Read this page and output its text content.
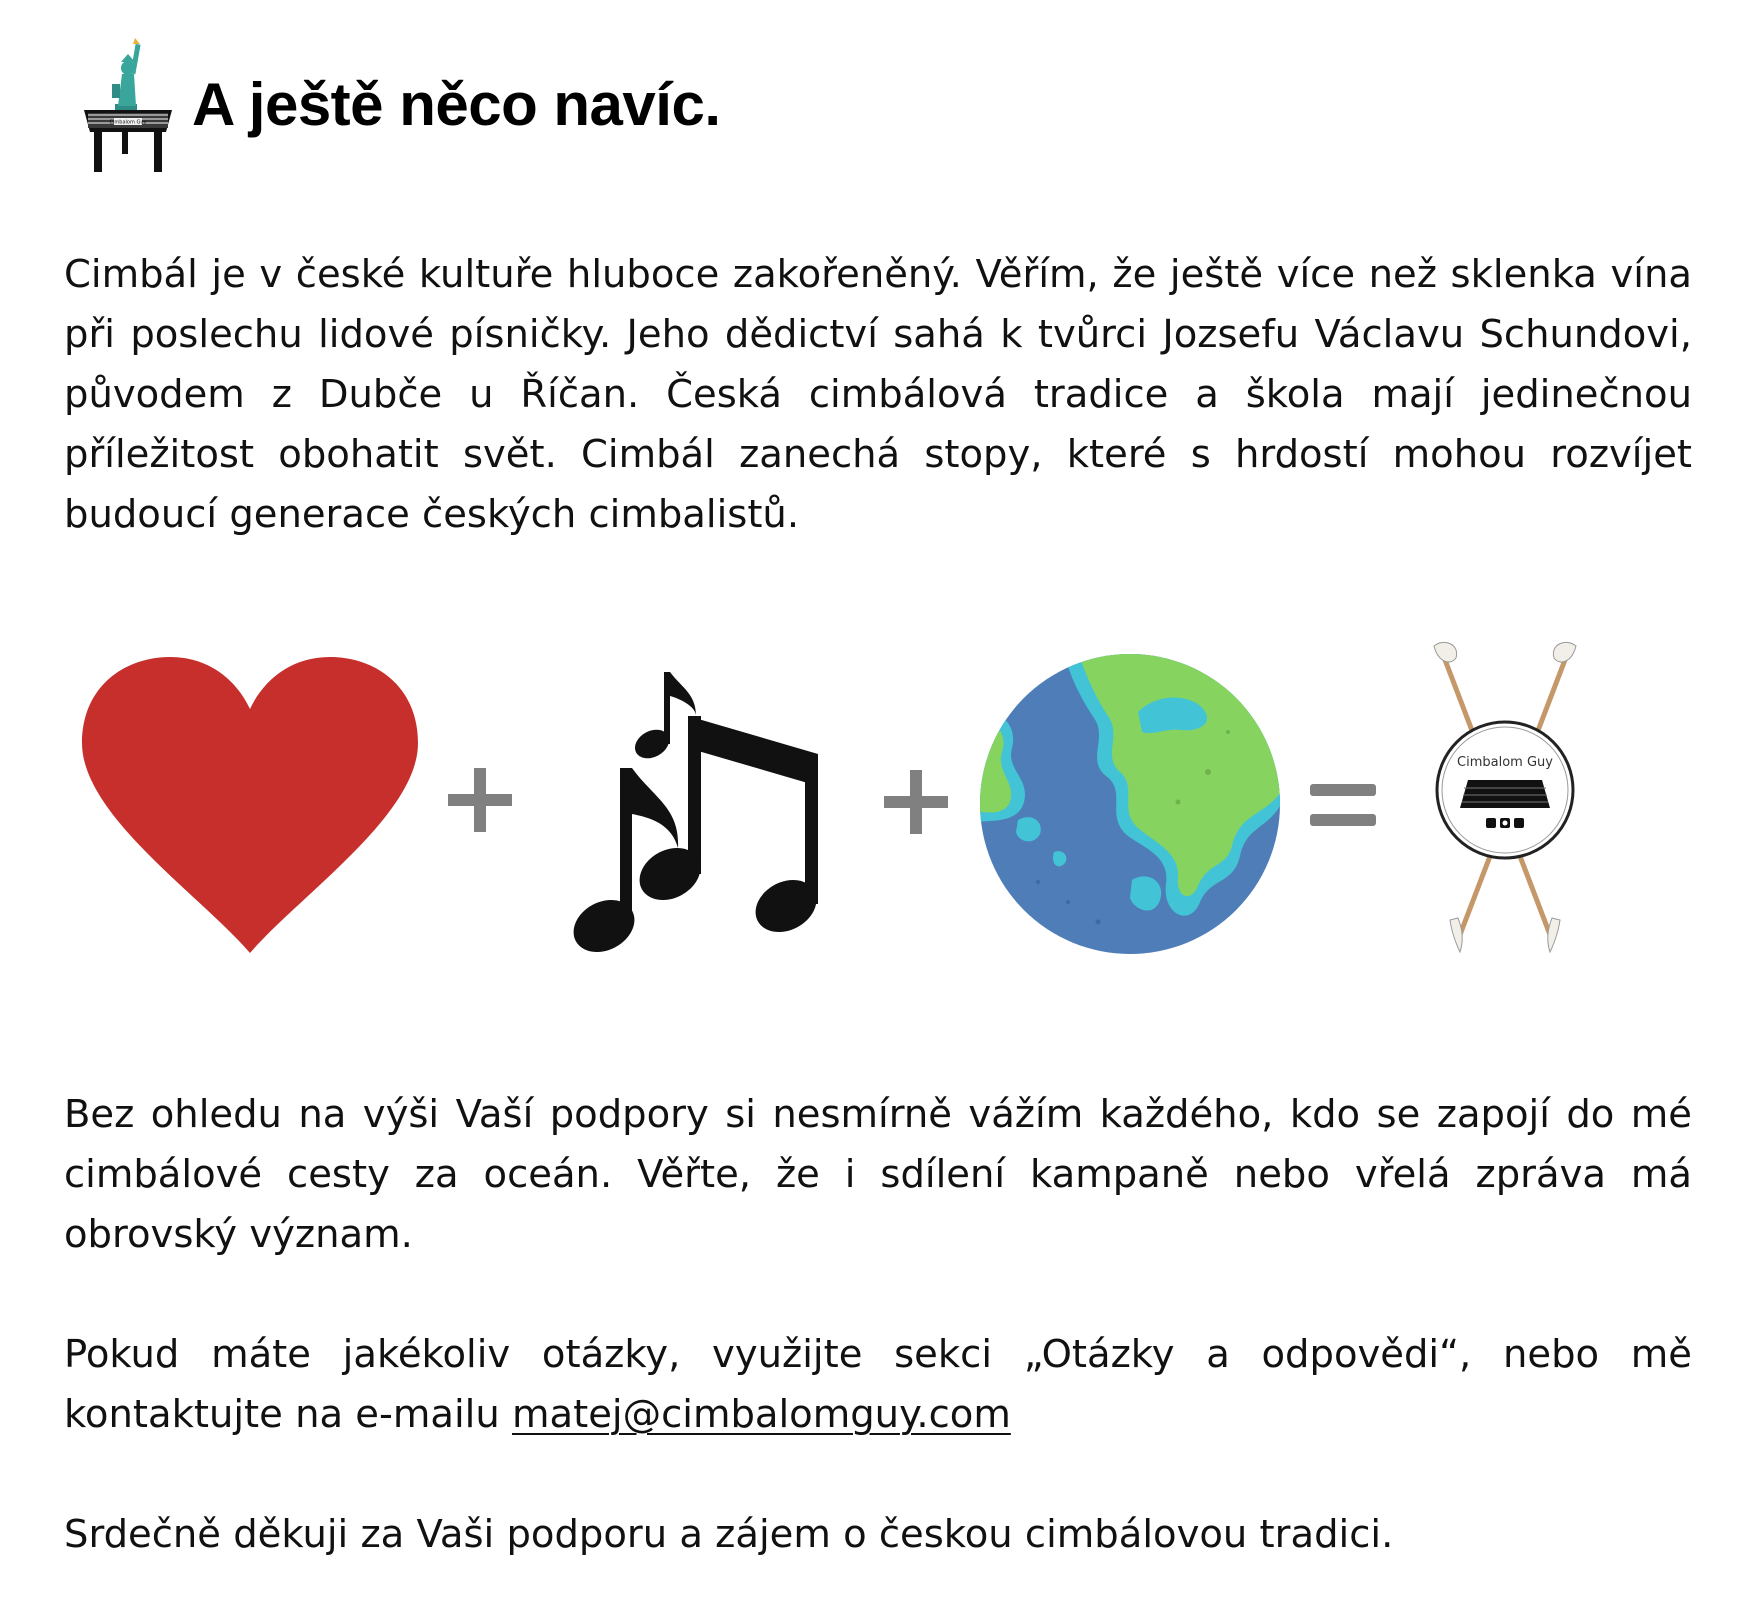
Cimbalom Guy A ještě něco navíc.

Cimbál je v české kultuře hluboce zakořeněný. Věřím, že ještě více než sklenka vína při poslechu lidové písničky. Jeho dědictví sahá k tvůrci Jozsefu Václavu Schundovi, původem z Dubče u Říčan. Česká cimbálová tradice a škola mají jedinečnou příležitost obohatit svět. Cimbál zanechá stopy, které s hrdostí mohou rozvíjet budoucí generace českých cimbalistů.

Cimbalom Guy

Bez ohledu na výši Vaší podpory si nesmírně vážím každého, kdo se zapojí do mé cimbálové cesty za oceán. Věřte, že i sdílení kampaně nebo vřelá zpráva má obrovský význam.

Pokud máte jakékoliv otázky, využijte sekci „Otázky a odpovědi“, nebo mě kontaktujte na e-mailu matej@cimbalomguy.com

Srdečně děkuji za Vaši podporu a zájem o českou cimbálovou tradici.
